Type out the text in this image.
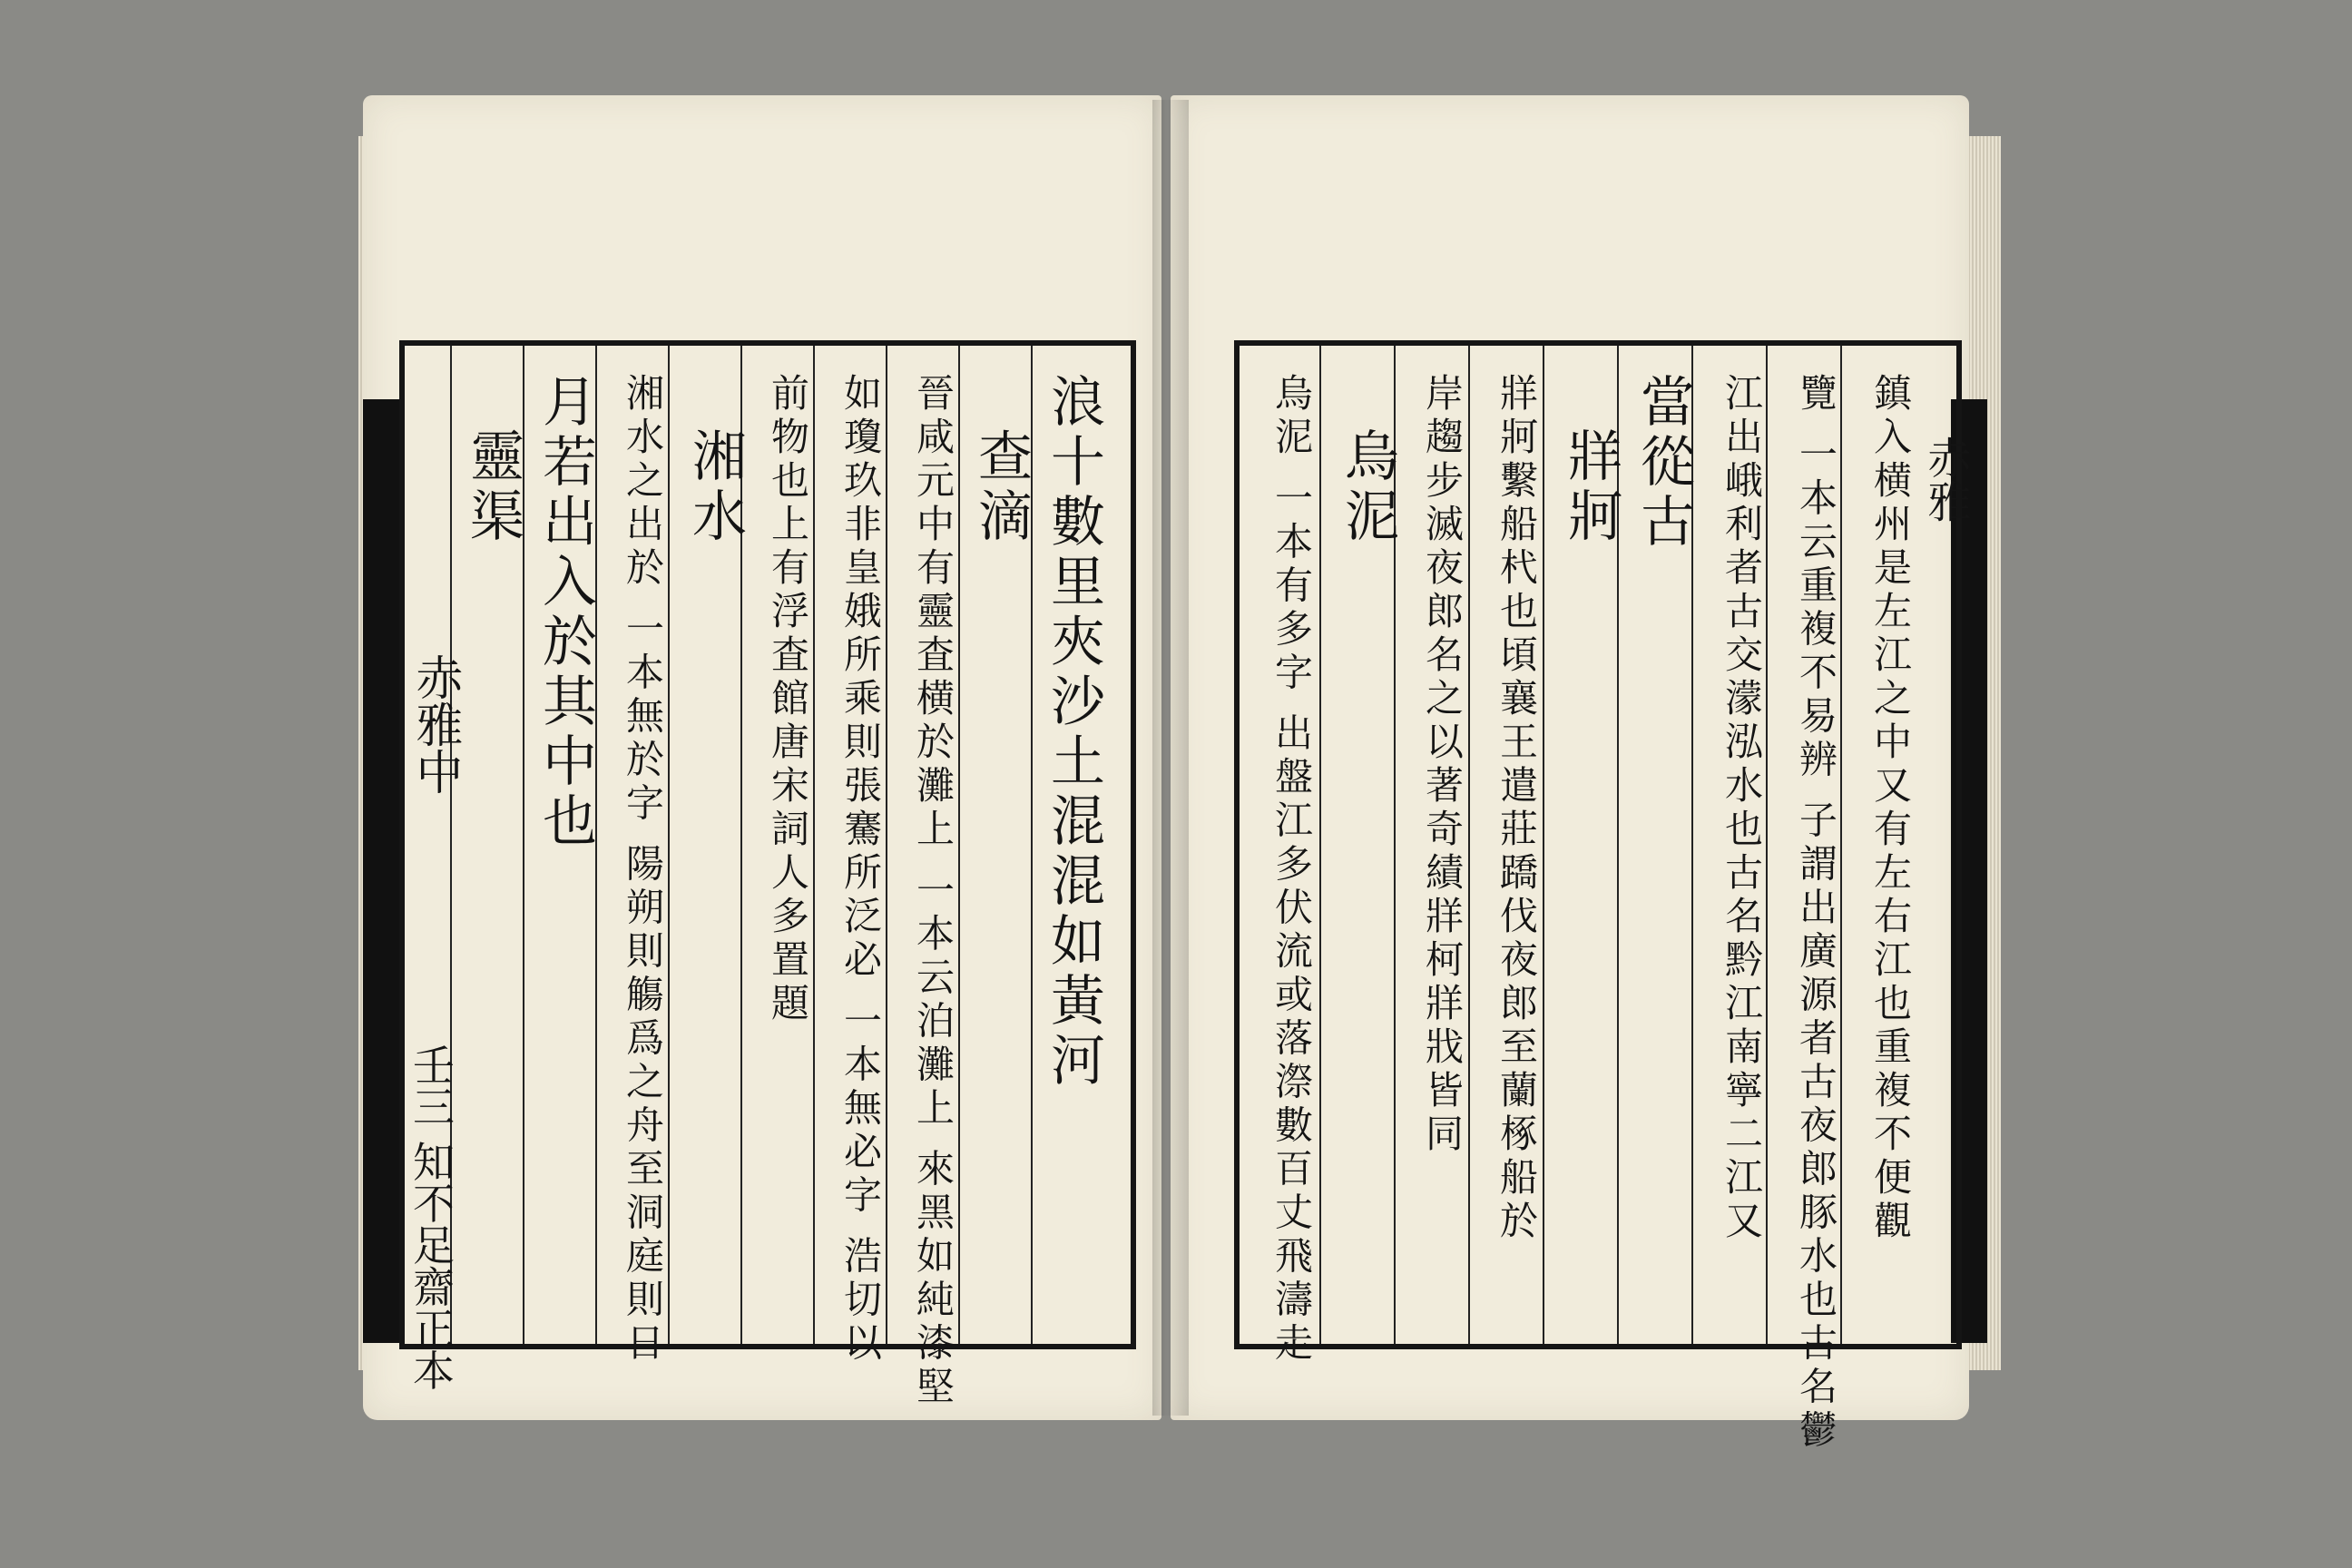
浪十數里夾沙土混混如黃河
查滴
晉咸元中有靈査横於灘上 一本云泊灘上 來黑如純漆堅
如瓊玖非皇娥所乘則張騫所泛必 一本無必字 浩切以
前物也上有浮査館唐宋詞人多置題
湘水
湘水之出於 一本無於字 陽朔則觴爲之舟至洞庭則日
月若出入於其中也
靈渠
赤雅中
壬三 知不足齋正本	鎮入横州是左江之中又有左右江也重複不便觀
覽 一本云重複不易辨 子謂出廣源者古夜郎豚水也古名鬱
江出峨利者古交濛泓水也古名黔江南寧二江又
當從古
牂牁
牂牁繫船杙也頃襄王遣莊蹻伐夜郎至蘭椓船於
岸趨步滅夜郎名之以著奇績牂柯牂戕皆同
烏泥
烏泥 一本有多字 出盤江多伏流或落漈數百丈飛濤走	赤雅
